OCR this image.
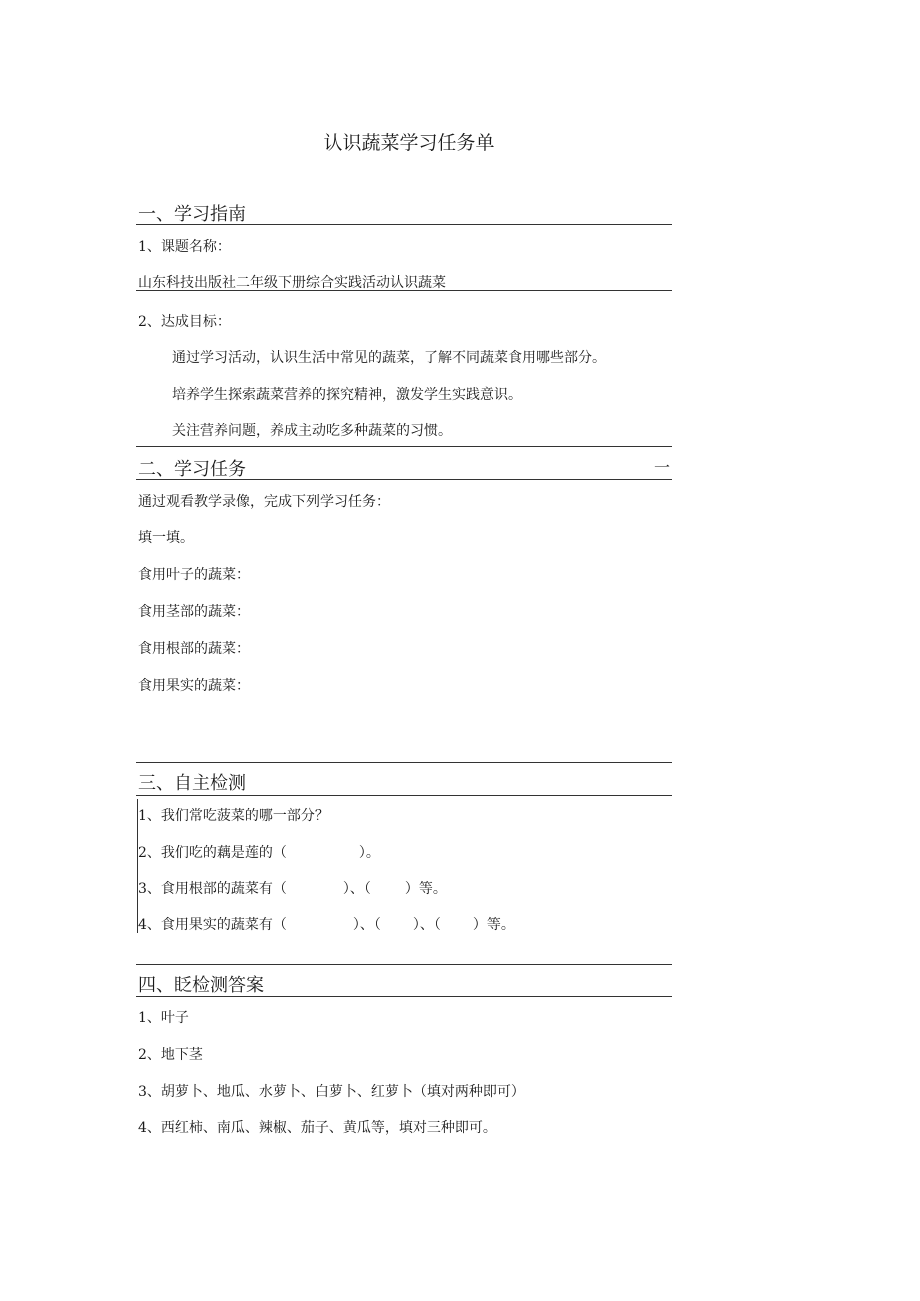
认识蔬菜学习任务单
一、学习指南
1、课题名称：
山东科技出版社二年级下册综合实践活动认识蔬菜
2、达成目标：
通过学习活动，认识生活中常见的蔬菜，了解不同蔬菜食用哪些部分。
培养学生探索蔬菜营养的探究精神，激发学生实践意识。
关注营养问题，养成主动吃多种蔬菜的习惯。
二、学习任务	一
通过观看教学录像，完成下列学习任务：
填一填。
食用叶子的蔬菜：
食用茎部的蔬菜：
食用根部的蔬菜：
食用果实的蔬菜：
三、自主检测
1、我们常吃菠菜的哪一部分？
2、我们吃的藕是莲的（	）。
3、食用根部的蔬菜有（	）、（ ）等。
4、食用果实的蔬菜有（	）、（ ）、（ ）等。
四、眨检测答案
1、叶子
2、地下茎
3、胡萝卜、地瓜、水萝卜、白萝卜、红萝卜（填对两种即可）
4、西红柿、南瓜、辣椒、茄子、黄瓜等，填对三种即可。
